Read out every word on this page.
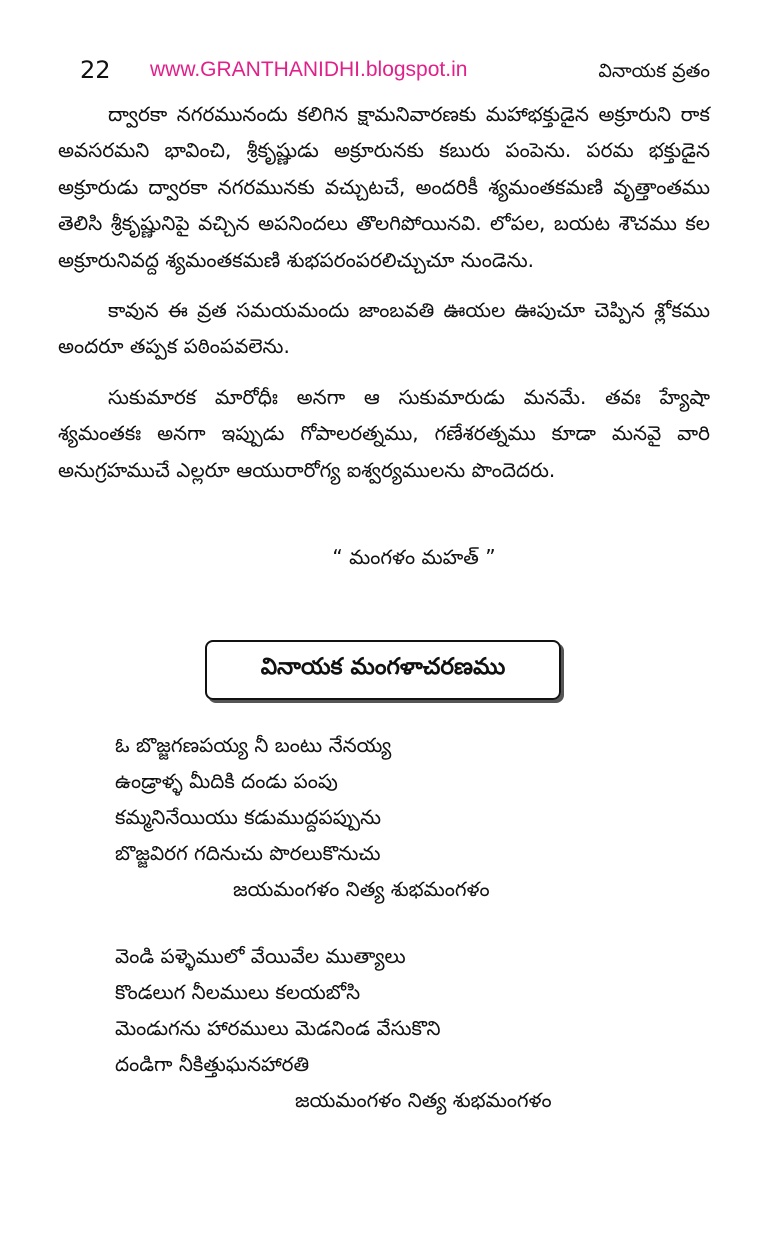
22 www.GRANTHANIDHI.blogspot.in	వినాయక వ్రతం

ద్వారకా నగరమునందు కలిగిన క్షామనివారణకు మహాభక్తుడైన అక్రూరుని రాక అవసరమని భావించి, శ్రీకృష్ణుడు అక్రూరునకు కబురు పంపెను. పరమ భక్తుడైన అక్రూరుడు ద్వారకా నగరమునకు వచ్చుటచే, అందరికీ శ్యమంతకమణి వృత్తాంతము తెలిసి శ్రీకృష్ణునిపై వచ్చిన అపనిందలు తొలగిపోయినవి. లోపల, బయట శౌచము కల అక్రూరునివద్ద శ్యమంతకమణి శుభపరంపరలిచ్చుచూ నుండెను.

కావున ఈ వ్రత సమయమందు జాంబవతి ఊయల ఊపుచూ చెప్పిన శ్లోకము అందరూ తప్పక పఠింపవలెను.

సుకుమారక మారోధీః అనగా ఆ సుకుమారుడు మనమే. తవః హ్యేషా శ్యమంతకః అనగా ఇప్పుడు గోపాలరత్నము, గణేశరత్నము కూడా మనవై వారి అనుగ్రహముచే ఎల్లరూ ఆయురారోగ్య ఐశ్వర్యములను పొందెదరు.

“ మంగళం మహత్ ”
వినాయక మంగళాచరణము
ఓ బొజ్జగణపయ్య నీ బంటు నేనయ్య
ఉండ్రాళ్ళ మీదికి దండు పంపు
కమ్మనినేయియు కడుముద్దపప్పును
బొజ్జవిరగ గదినుచు పొరలుకొనుచు
జయమంగళం నిత్య శుభమంగళం
వెండి పళ్ళెములో వేయివేల ముత్యాలు
కొండలుగ నీలములు కలయబోసి
మెండుగను హారములు మెడనిండ వేసుకొని
దండిగా నీకిత్తుఘనహారతి
జయమంగళం నిత్య శుభమంగళం
